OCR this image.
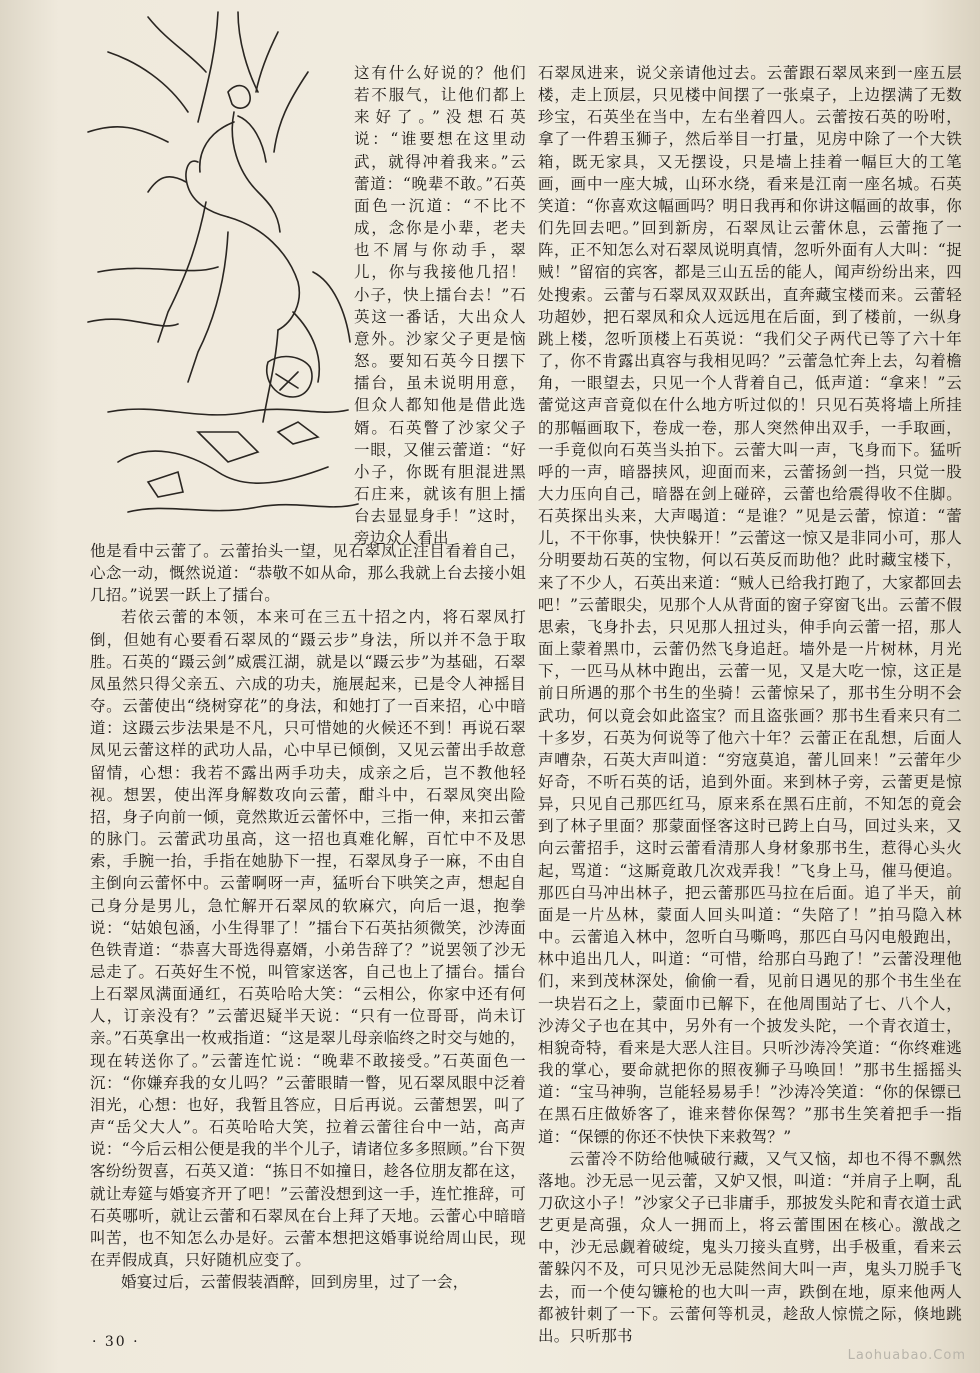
这有什么好说的？他们若不服气，让他们都上来好了。”没想石英说：“谁要想在这里动武，就得冲着我来。”云蕾道：“晚辈不敢。”石英面色一沉道：“不比不成，念你是小辈，老夫也不屑与你动手，翠儿，你与我接他几招！小子，快上擂台去！”石英这一番话，大出众人意外。沙家父子更是恼怒。要知石英今日摆下擂台，虽未说明用意，但众人都知他是借此选婿。石英瞥了沙家父子一眼，又催云蕾道：“好小子，你既有胆混进黑石庄来，就该有胆上擂台去显显身手！”这时，旁边众人看出

他是看中云蕾了。云蕾抬头一望，见石翠凤正注目看着自己，心念一动，慨然说道：“恭敬不如从命，那么我就上台去接小姐几招。”说罢一跃上了擂台。

若依云蕾的本领，本来可在三五十招之内，将石翠凤打倒，但她有心要看石翠凤的“蹑云步”身法，所以并不急于取胜。石英的“蹑云剑”威震江湖，就是以“蹑云步”为基础，石翠凤虽然只得父亲五、六成的功夫，施展起来，已是令人神摇目夺。云蕾使出“绕树穿花”的身法，和她打了一百来招，心中暗道：这蹑云步法果是不凡，只可惜她的火候还不到！再说石翠凤见云蕾这样的武功人品，心中早已倾倒，又见云蕾出手故意留情，心想：我若不露出两手功夫，成亲之后，岂不教他轻视。想罢，使出浑身解数攻向云蕾，酣斗中，石翠凤突出险招，身子向前一倾，竟然欺近云蕾怀中，三指一伸，来扣云蕾的脉门。云蕾武功虽高，这一招也真难化解，百忙中不及思索，手腕一抬，手指在她胁下一捏，石翠凤身子一麻，不由自主倒向云蕾怀中。云蕾啊呀一声，猛听台下哄笑之声，想起自己身分是男儿，急忙解开石翠凤的软麻穴，向后一退，抱拳说：“姑娘包涵，小生得罪了！”擂台下石英拈须微笑，沙涛面色铁青道：“恭喜大哥选得嘉婿，小弟告辞了？”说罢领了沙无忌走了。石英好生不悦，叫管家送客，自己也上了擂台。擂台上石翠凤满面通红，石英哈哈大笑：“云相公，你家中还有何人，订亲没有？”云蕾迟疑半天说：“只有一位哥哥，尚未订亲。”石英拿出一枚戒指道：“这是翠儿母亲临终之时交与她的，现在转送你了。”云蕾连忙说：“晚辈不敢接受。”石英面色一沉：“你嫌弃我的女儿吗？”云蕾眼睛一瞥，见石翠凤眼中泛着泪光，心想：也好，我暂且答应，日后再说。云蕾想罢，叫了声“岳父大人”。石英哈哈大笑，拉着云蕾往台中一站，高声说：“今后云相公便是我的半个儿子，请诸位多多照顾。”台下贺客纷纷贺喜，石英又道：“拣日不如撞日，趁各位朋友都在这，就让寿筵与婚宴齐开了吧！”云蕾没想到这一手，连忙推辞，可石英哪听，就让云蕾和石翠凤在台上拜了天地。云蕾心中暗暗叫苦，也不知怎么办是好。云蕾本想把这婚事说给周山民，现在弄假成真，只好随机应变了。

婚宴过后，云蕾假装酒醉，回到房里，过了一会，

石翠凤进来，说父亲请他过去。云蕾跟石翠凤来到一座五层楼，走上顶层，只见楼中间摆了一张桌子，上边摆满了无数珍宝，石英坐在当中，左右坐着四人。云蕾按石英的吩咐，拿了一件碧玉狮子，然后举目一打量，见房中除了一个大铁箱，既无家具，又无摆设，只是墙上挂着一幅巨大的工笔画，画中一座大城，山环水绕，看来是江南一座名城。石英笑道：“你喜欢这幅画吗？明日我再和你讲这幅画的故事，你们先回去吧。”回到新房，石翠凤让云蕾休息，云蕾拖了一阵，正不知怎么对石翠凤说明真情，忽听外面有人大叫：“捉贼！”留宿的宾客，都是三山五岳的能人，闻声纷纷出来，四处搜索。云蕾与石翠凤双双跃出，直奔藏宝楼而来。云蕾轻功超妙，把石翠凤和众人远远甩在后面，到了楼前，一纵身跳上楼，忽听顶楼上石英说：“我们父子两代已等了六十年了，你不肯露出真容与我相见吗？”云蕾急忙奔上去，勾着檐角，一眼望去，只见一个人背着自己，低声道：“拿来！”云蕾觉这声音竟似在什么地方听过似的！只见石英将墙上所挂的那幅画取下，卷成一卷，那人突然伸出双手，一手取画，一手竟似向石英当头拍下。云蕾大叫一声，飞身而下。猛听呼的一声，暗器挟风，迎面而来，云蕾扬剑一挡，只觉一股大力压向自己，暗器在剑上碰碎，云蕾也给震得收不住脚。石英探出头来，大声喝道：“是谁？”见是云蕾，惊道：“蕾儿，不干你事，快快躲开！”云蕾这一惊又是非同小可，那人分明要劫石英的宝物，何以石英反而助他？此时藏宝楼下，来了不少人，石英出来道：“贼人已给我打跑了，大家都回去吧！”云蕾眼尖，见那个人从背面的窗子穿窗飞出。云蕾不假思索，飞身扑去，只见那人扭过头，伸手向云蕾一招，那人面上蒙着黑巾，云蕾仍然飞身追赶。墙外是一片树林，月光下，一匹马从林中跑出，云蕾一见，又是大吃一惊，这正是前日所遇的那个书生的坐骑！云蕾惊呆了，那书生分明不会武功，何以竟会如此盗宝？而且盗张画？那书生看来只有二十多岁，石英为何说等了他六十年？云蕾正在乱想，后面人声嘈杂，石英大声叫道：“穷寇莫追，蕾儿回来！”云蕾年少好奇，不听石英的话，追到外面。来到林子旁，云蕾更是惊异，只见自己那匹红马，原来系在黑石庄前，不知怎的竟会到了林子里面？那蒙面怪客这时已跨上白马，回过头来，又向云蕾招手，这时云蕾看清那人身材象那书生，惹得心头火起，骂道：“这厮竟敢几次戏弄我！”飞身上马，催马便追。那匹白马冲出林子，把云蕾那匹马拉在后面。追了半天，前面是一片丛林，蒙面人回头叫道：“失陪了！”拍马隐入林中。云蕾追入林中，忽听白马嘶鸣，那匹白马闪电般跑出，林中追出几人，叫道：“可惜，给那白马跑了！”云蕾没理他们，来到茂林深处，偷偷一看，见前日遇见的那个书生坐在一块岩石之上，蒙面巾已解下，在他周围站了七、八个人，沙涛父子也在其中，另外有一个披发头陀，一个青衣道士，相貌奇特，看来是大恶人注目。只听沙涛冷笑道：“你终难逃我的掌心，要命就把你的照夜狮子马唤回！”那书生摇摇头道：“宝马神驹，岂能轻易易手！”沙涛冷笑道：“你的保镖已在黑石庄做娇客了，谁来替你保驾？”那书生笑着把手一指道：“保镖的你还不快快下来救驾？”

云蕾冷不防给他喊破行藏，又气又恼，却也不得不飘然落地。沙无忌一见云蕾，又妒又恨，叫道：“并肩子上啊，乱刀砍这小子！”沙家父子已非庸手，那披发头陀和青衣道士武艺更是高强，众人一拥而上，将云蕾围困在核心。激战之中，沙无忌觑着破绽，鬼头刀接头直劈，出手极重，看来云蕾躲闪不及，可只见沙无忌陡然间大叫一声，鬼头刀脱手飞去，而一个使勾镰枪的也大叫一声，跌倒在地，原来他两人都被针刺了一下。云蕾何等机灵，趁敌人惊慌之际，倏地跳出。只听那书

· 30 ·
Laohuabao.Com
